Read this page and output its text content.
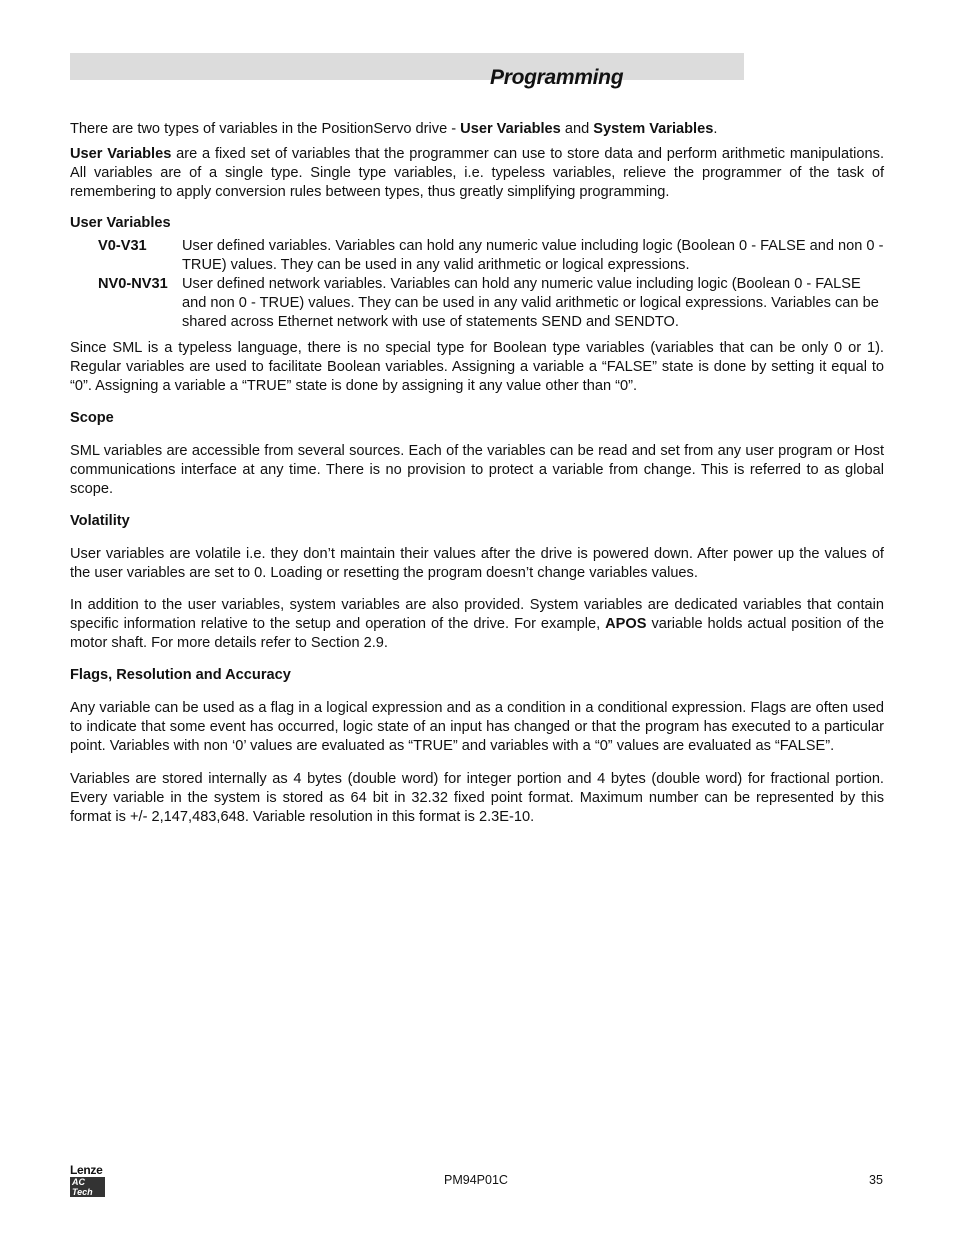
Programming

There are two types of variables in the PositionServo drive - User Variables and System Variables.

User Variables are a fixed set of variables that the programmer can use to store data and perform arithmetic manipulations. All variables are of a single type. Single type variables, i.e. typeless variables, relieve the programmer of the task of remembering to apply conversion rules between types, thus greatly simplifying programming.

User Variables

V0-V31	User defined variables. Variables can hold any numeric value including logic (Boolean 0 - FALSE and non 0 - TRUE) values. They can be used in any valid arithmetic or logical expressions.
NV0-NV31 User defined network variables. Variables can hold any numeric value including logic (Boolean 0 - FALSE and non 0 - TRUE) values. They can be used in any valid arithmetic or logical expressions. Variables can be shared across Ethernet network with use of statements SEND and SENDTO.

Since SML is a typeless language, there is no special type for Boolean type variables (variables that can be only 0 or 1). Regular variables are used to facilitate Boolean variables. Assigning a variable a “FALSE” state is done by setting it equal to “0”. Assigning a variable a “TRUE” state is done by assigning it any value other than “0”.

Scope

SML variables are accessible from several sources. Each of the variables can be read and set from any user program or Host communications interface at any time. There is no provision to protect a variable from change. This is referred to as global scope.

Volatility

User variables are volatile i.e. they don’t maintain their values after the drive is powered down. After power up the values of the user variables are set to 0. Loading or resetting the program doesn’t change variables values.

In addition to the user variables, system variables are also provided. System variables are dedicated variables that contain specific information relative to the setup and operation of the drive. For example, APOS variable holds actual position of the motor shaft. For more details refer to Section 2.9.

Flags, Resolution and Accuracy

Any variable can be used as a flag in a logical expression and as a condition in a conditional expression. Flags are often used to indicate that some event has occurred, logic state of an input has changed or that the program has executed to a particular point. Variables with non ‘0’ values are evaluated as “TRUE” and variables with a “0” values are evaluated as “FALSE”.

Variables are stored internally as 4 bytes (double word) for integer portion and 4 bytes (double word) for fractional portion. Every variable in the system is stored as 64 bit in 32.32 fixed point format. Maximum number can be represented by this format is +/- 2,147,483,648. Variable resolution in this format is 2.3E-10.

Lenze
AC Tech
PM94P01C	35
